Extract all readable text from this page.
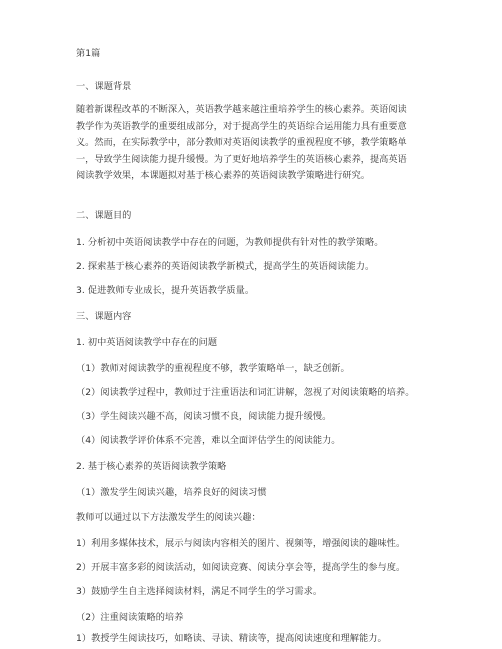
第1篇
一、课题背景
随着新课程改革的不断深入，英语教学越来越注重培养学生的核心素养。英语阅读
教学作为英语教学的重要组成部分，对于提高学生的英语综合运用能力具有重要意
义。然而，在实际教学中，部分教师对英语阅读教学的重视程度不够，教学策略单
一，导致学生阅读能力提升缓慢。为了更好地培养学生的英语核心素养，提高英语
阅读教学效果，本课题拟对基于核心素养的英语阅读教学策略进行研究。
二、课题目的
1. 分析初中英语阅读教学中存在的问题，为教师提供有针对性的教学策略。
2. 探索基于核心素养的英语阅读教学新模式，提高学生的英语阅读能力。
3. 促进教师专业成长，提升英语教学质量。
三、课题内容
1. 初中英语阅读教学中存在的问题
（1）教师对阅读教学的重视程度不够，教学策略单一，缺乏创新。
（2）阅读教学过程中，教师过于注重语法和词汇讲解，忽视了对阅读策略的培养。
（3）学生阅读兴趣不高，阅读习惯不良，阅读能力提升缓慢。
（4）阅读教学评价体系不完善，难以全面评估学生的阅读能力。
2. 基于核心素养的英语阅读教学策略
（1）激发学生阅读兴趣，培养良好的阅读习惯
教师可以通过以下方法激发学生的阅读兴趣：
1）利用多媒体技术，展示与阅读内容相关的图片、视频等，增强阅读的趣味性。
2）开展丰富多彩的阅读活动，如阅读竞赛、阅读分享会等，提高学生的参与度。
3）鼓励学生自主选择阅读材料，满足不同学生的学习需求。
（2）注重阅读策略的培养
1）教授学生阅读技巧，如略读、寻读、精读等，提高阅读速度和理解能力。
